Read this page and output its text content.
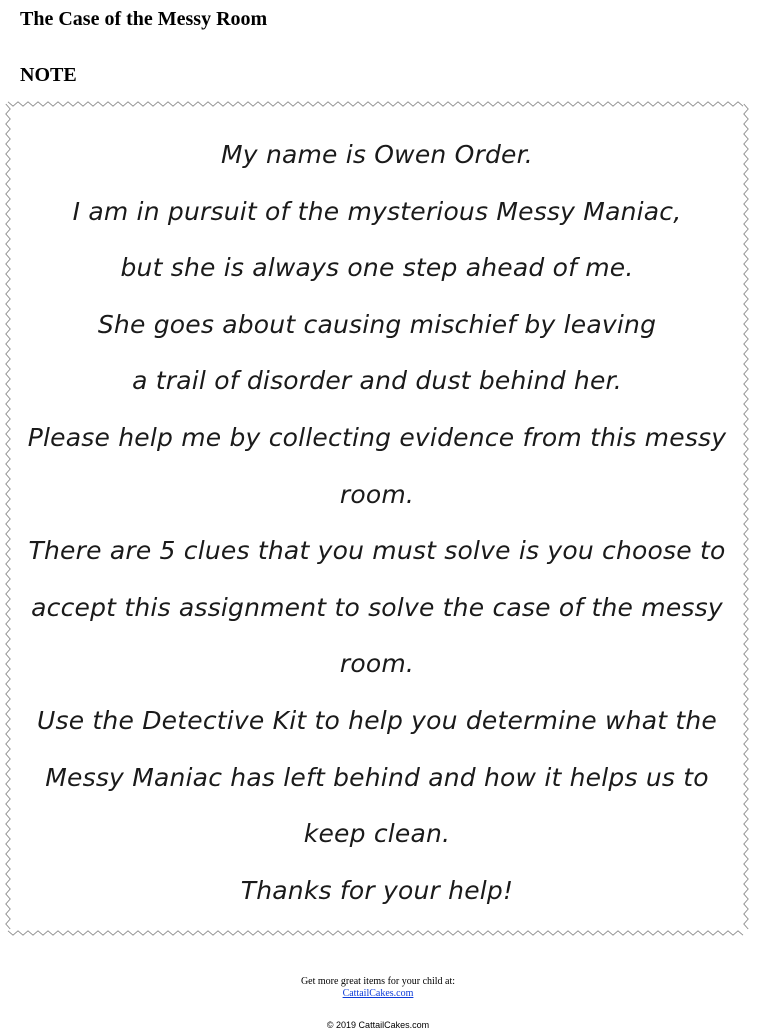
The Case of the Messy Room
NOTE
My name is Owen Order.
I am in pursuit of the mysterious Messy Maniac,
but she is always one step ahead of me.
She goes about causing mischief by leaving
a trail of disorder and dust behind her.
Please help me by collecting evidence from this messy
room.
There are 5 clues that you must solve is you choose to
accept this assignment to solve the case of the messy
room.
Use the Detective Kit to help you determine what the
Messy Maniac has left behind and how it helps us to
keep clean.
Thanks for your help!
Get more great items for your child at:
CattailCakes.com
© 2019 CattailCakes.com
